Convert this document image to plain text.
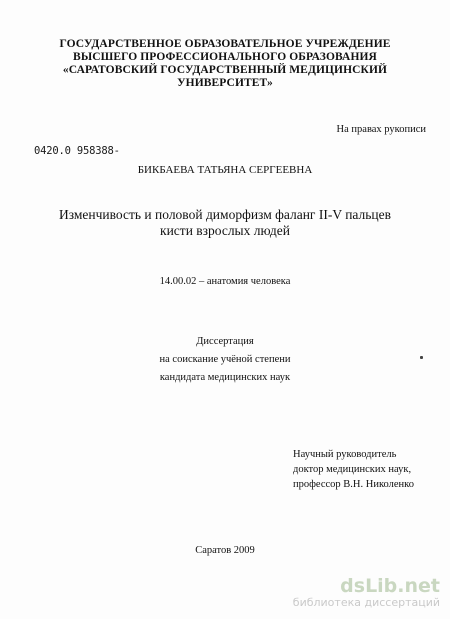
ГОСУДАРСТВЕННОЕ ОБРАЗОВАТЕЛЬНОЕ УЧРЕЖДЕНИЕ
ВЫСШЕГО ПРОФЕССИОНАЛЬНОГО ОБРАЗОВАНИЯ
«САРАТОВСКИЙ ГОСУДАРСТВЕННЫЙ МЕДИЦИНСКИЙ
УНИВЕРСИТЕТ»
На правах рукописи
0420.0 958388-
БИКБАЕВА ТАТЬЯНА СЕРГЕЕВНА
Изменчивость и половой диморфизм фаланг II-V пальцев
кисти взрослых людей
14.00.02 – анатомия человека
Диссертация
на соискание учёной степени
кандидата медицинских наук
Научный руководитель
доктор медицинских наук,
профессор В.Н. Николенко
Саратов 2009
dsLib.net
библиотека диссертаций
